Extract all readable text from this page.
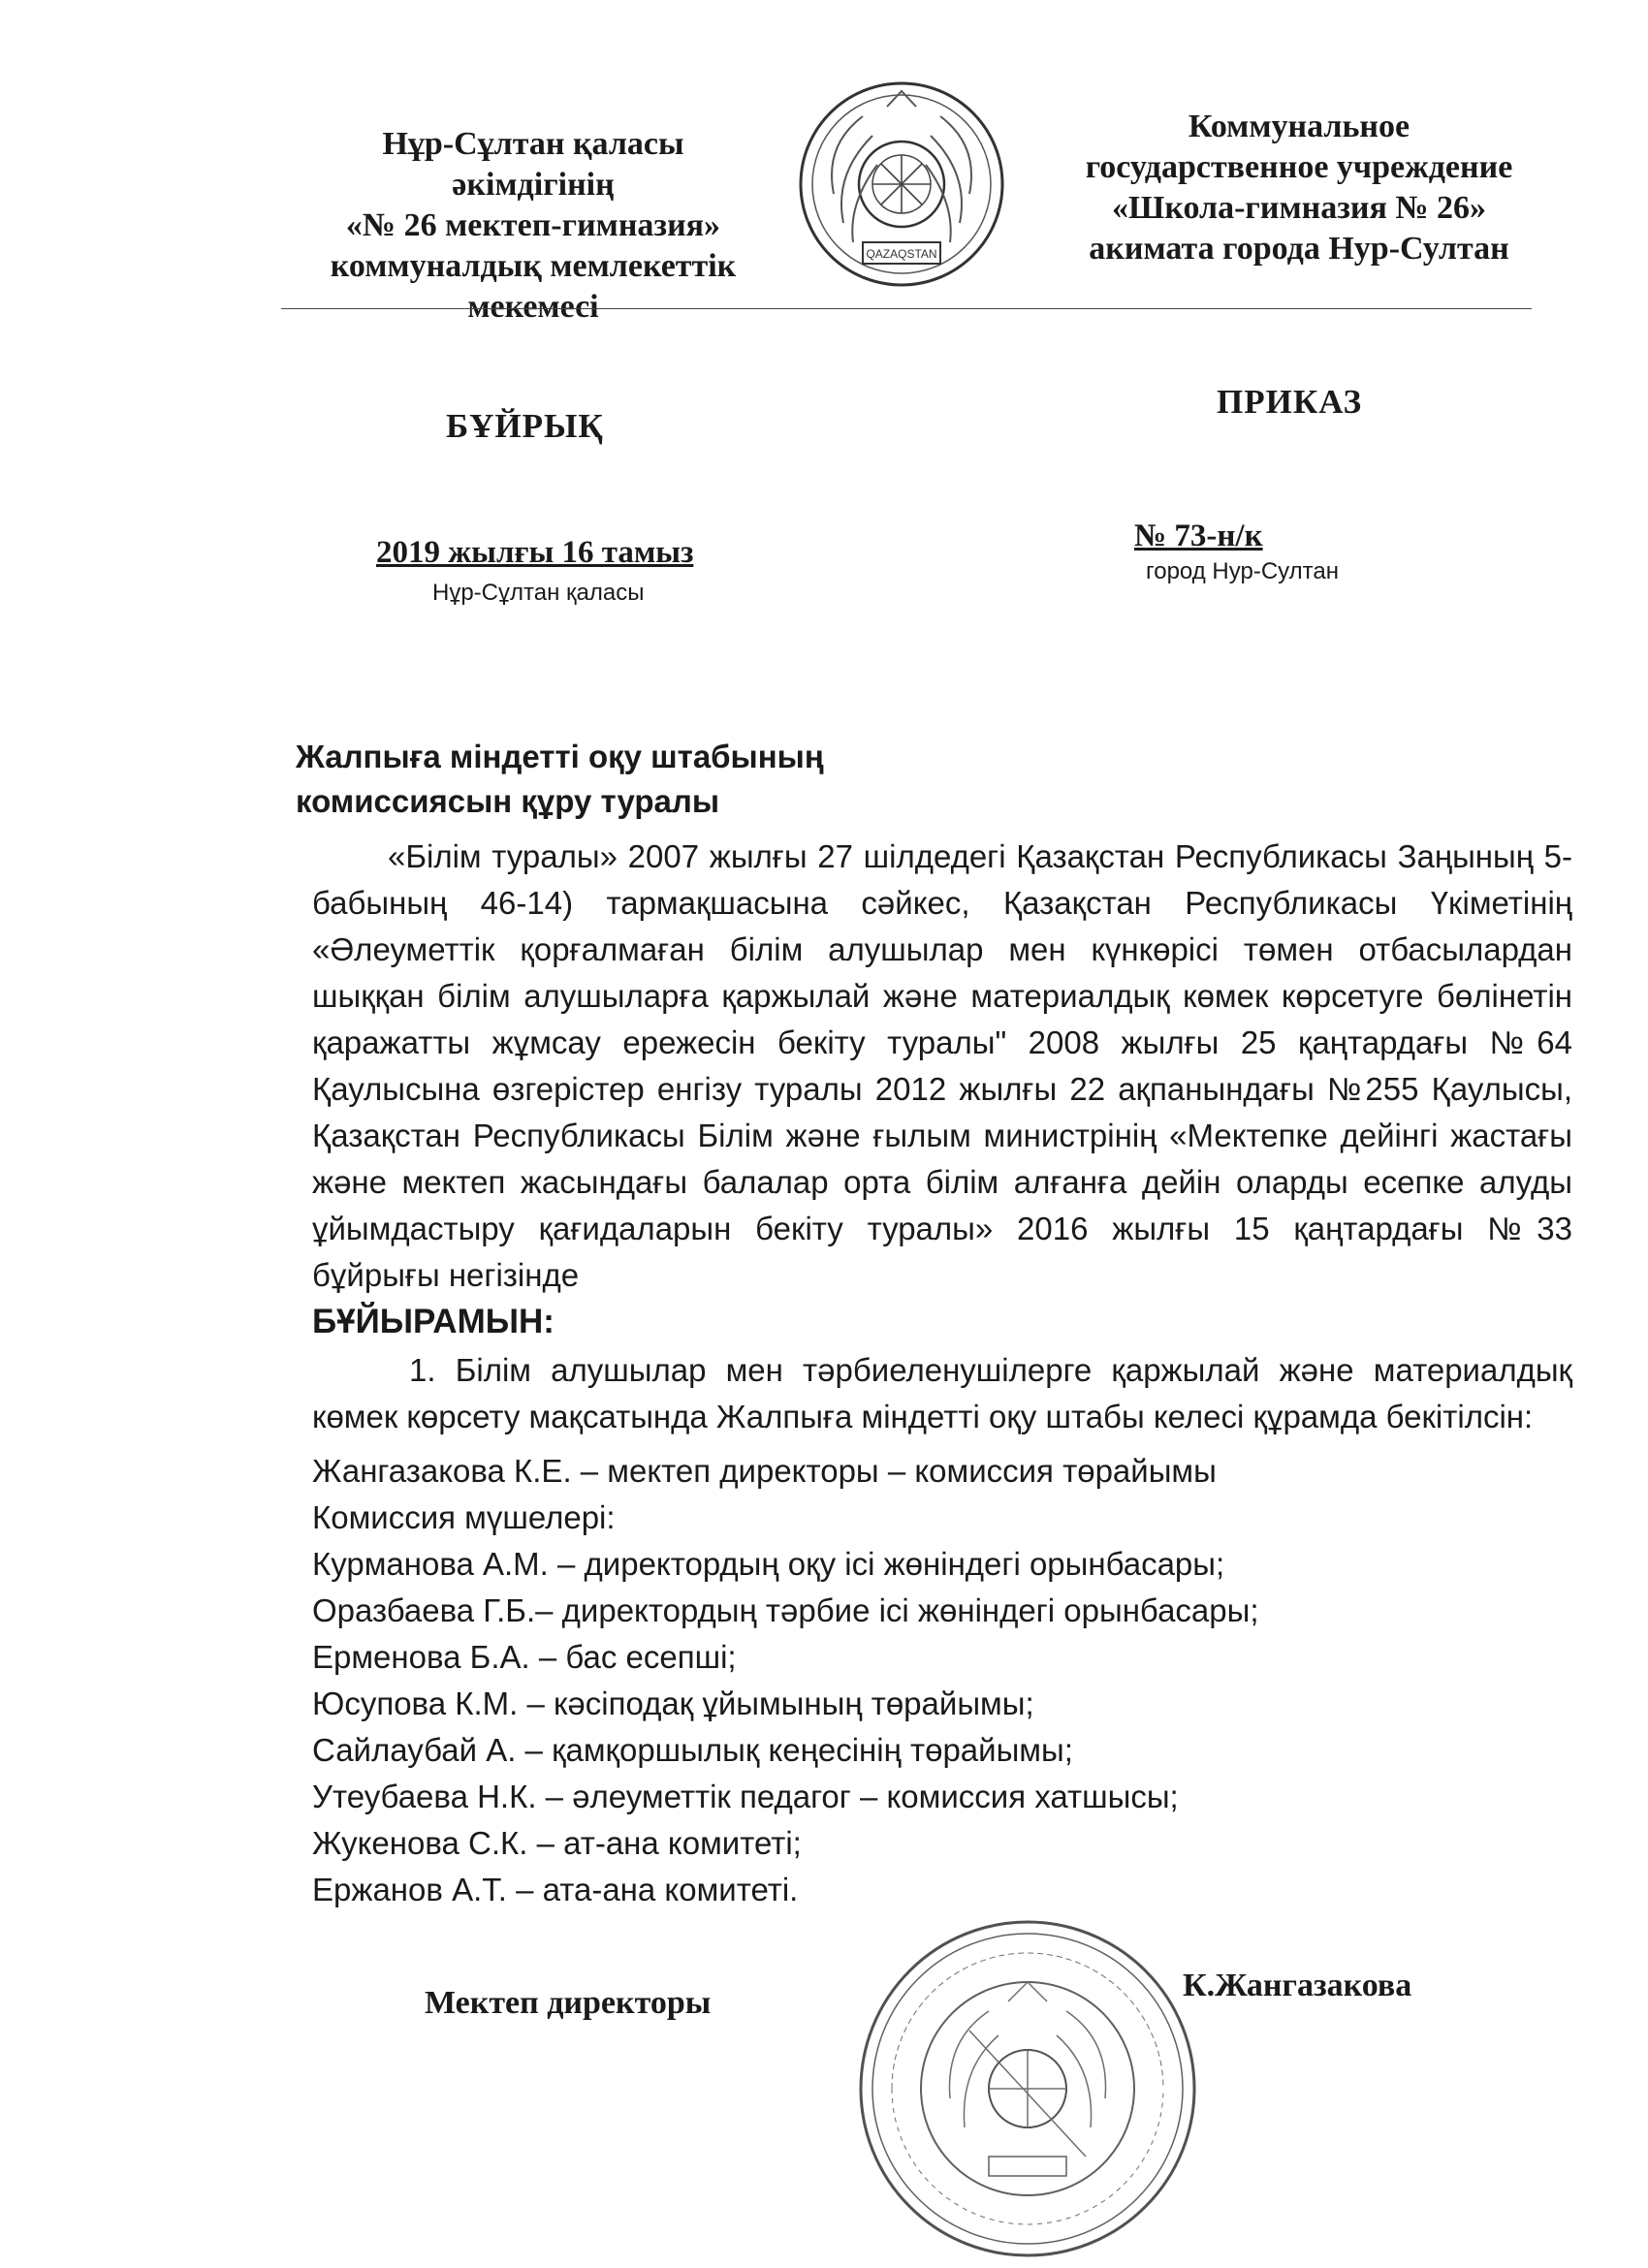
Нұр-Сұлтан қаласы
әкімдігінің
«№ 26 мектеп-гимназия»
коммуналдық мемлекеттік
мекемесі
QAZAQSTAN
Коммунальное
государственное учреждение
«Школа-гимназия № 26»
акимата города Нур-Султан
БҰЙРЫҚ
ПРИКАЗ
2019 жылғы 16 тамыз
Нұр-Сұлтан қаласы
№ 73-н/к
город Нур-Султан
Жалпыға міндетті оқу штабының
комиссиясын құру туралы

«Білім туралы» 2007 жылғы 27 шілдедегі Қазақстан Республикасы Заңының 5-бабының 46-14) тармақшасына сәйкес, Қазақстан Республикасы Үкіметінің «Әлеуметтік қорғалмаған білім алушылар мен күнкөрісі төмен отбасылардан шыққан білім алушыларға қаржылай және материалдық көмек көрсетуге бөлінетін қаражатты жұмсау ережесін бекіту туралы" 2008 жылғы 25 қаңтардағы №64 Қаулысына өзгерістер енгізу туралы 2012 жылғы 22 ақпанындағы №255 Қаулысы, Қазақстан Республикасы Білім және ғылым министрінің «Мектепке дейінгі жастағы және мектеп жасындағы балалар орта білім алғанға дейін оларды есепке алуды ұйымдастыру қағидаларын бекіту туралы» 2016 жылғы 15 қаңтардағы №33 бұйрығы негізінде

БҰЙЫРАМЫН:

1. Білім алушылар мен тәрбиеленушілерге қаржылай және материалдық көмек көрсету мақсатында Жалпыға міндетті оқу штабы келесі құрамда бекітілсін:

Жангазакова К.Е. – мектеп директоры – комиссия төрайымы
Комиссия мүшелері:
Курманова А.М. – директордың оқу ісі жөніндегі орынбасары;
Оразбаева Г.Б.– директордың тәрбие ісі жөніндегі орынбасары;
Ерменова Б.А. – бас есепші;
Юсупова К.М. – кәсіподақ ұйымының төрайымы;
Сайлаубай А. – қамқоршылық кеңесінің төрайымы;
Утеубаева Н.К. – әлеуметтік педагог – комиссия хатшысы;
Жукенова С.К. – ат-ана комитеті;
Ержанов А.Т. – ата-ана комитеті.
Мектеп директоры	К.Жангазакова
